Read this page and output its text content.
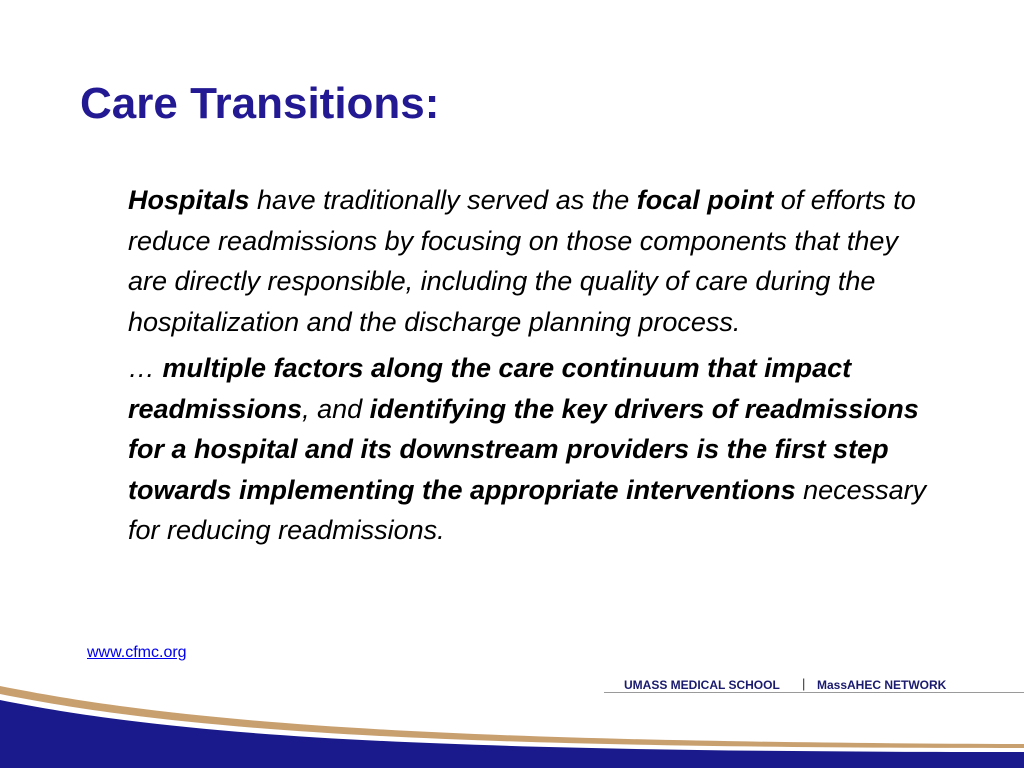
Care Transitions:

Hospitals have traditionally served as the focal point of efforts to reduce readmissions by focusing on those components that they are directly responsible, including the quality of care during the hospitalization and the discharge planning process.

… multiple factors along the care continuum that impact readmissions, and identifying the key drivers of readmissions for a hospital and its downstream providers is the first step towards implementing the appropriate interventions necessary for reducing readmissions.

www.cfmc.org
UMASS MEDICAL SCHOOL | MassAHEC NETWORK
